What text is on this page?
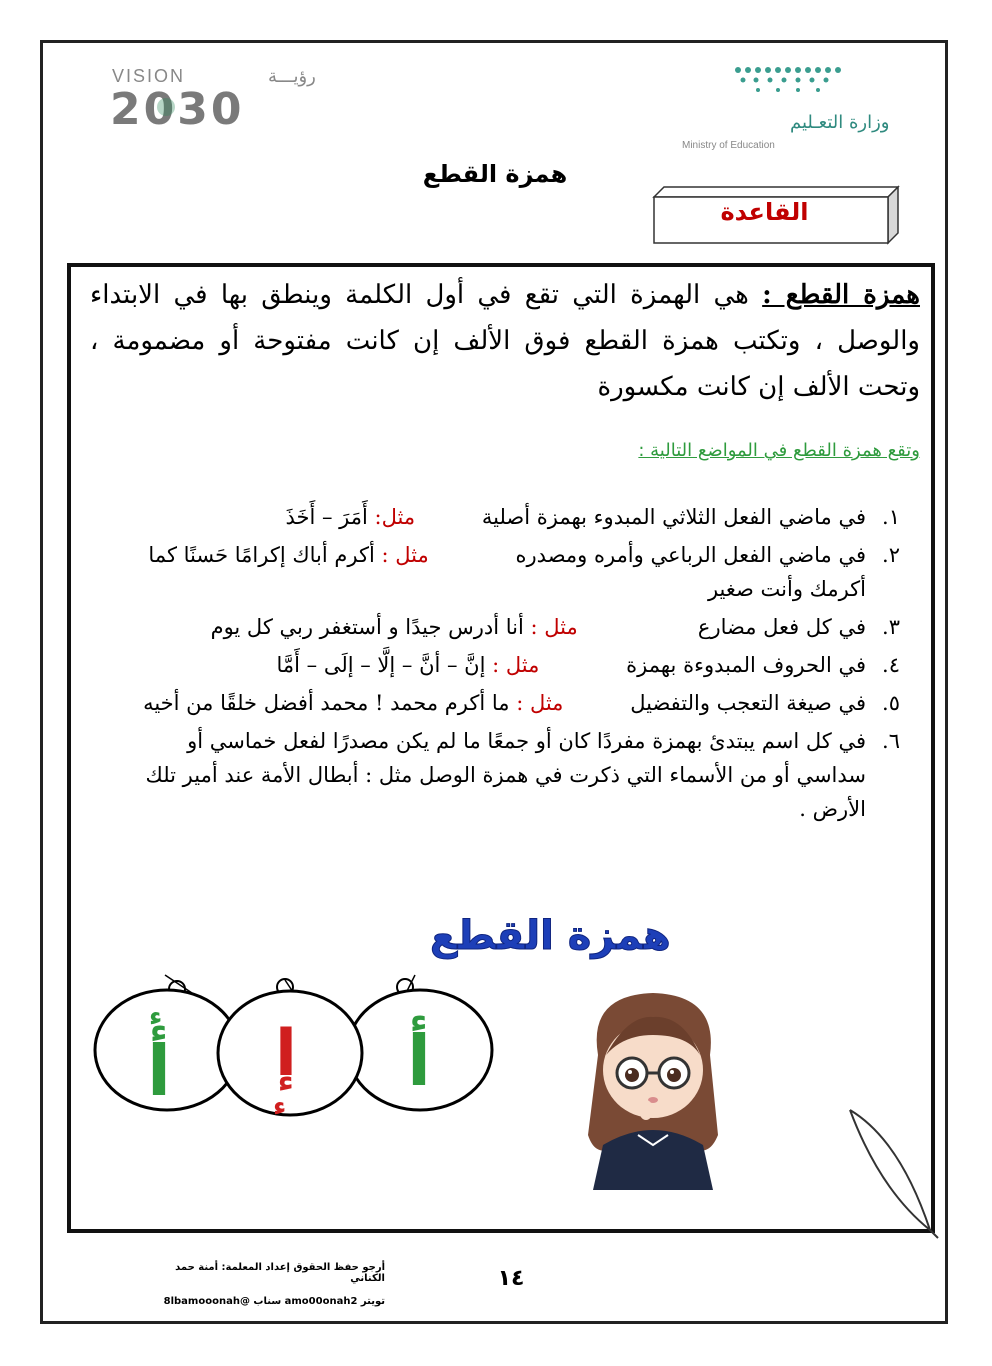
VISION	رؤيـــة
2030	وزارة التعـليم
Ministry of Education
همزة القطع
القاعدة
همزة القطع : هي الهمزة التي تقع في أول الكلمة وينطق بها في الابتداء والوصل ، وتكتب همزة القطع فوق الألف إن كانت مفتوحة أو مضمومة ، وتحت الألف إن كانت مكسورة
وتقع همزة القطع في المواضع التالية :
١.
في ماضي الفعل الثلاثي المبدوء بهمزة أصلية          مثل: أَمَرَ – أَخَذَ
٢.
في ماضي الفعل الرباعي وأمره ومصدره             مثل : أكرم أباك إكرامًا حَسنًا كما أكرمك وأنت صغير
٣.
في كل فعل مضارع                  مثل : أنا أدرس جيدًا و أستغفر ربي كل يوم
٤.
في الحروف المبدوءة بهمزة             مثل : إنَّ – أنَّ – إلَّا – إلَى – أَمَّا
٥.
في صيغة التعجب والتفضيل          مثل : ما أكرم محمد ! محمد أفضل خلقًا من أخيه
٦.
في كل اسم يبتدئ بهمزة مفردًا كان أو جمعًا ما لم يكن مصدرًا لفعل خماسي أو سداسي أو من الأسماء التي ذكرت في همزة الوصل مثل : أبطال الأمة عند أمير تلك الأرض .
همزة القطع
أ
إ
ء
أ
ء
أرجو حفظ الحقوق إعداد المعلمة: أمنة حمد الكناني
تويتر amo00onah2 سناب @8lbamooonah
١٤
